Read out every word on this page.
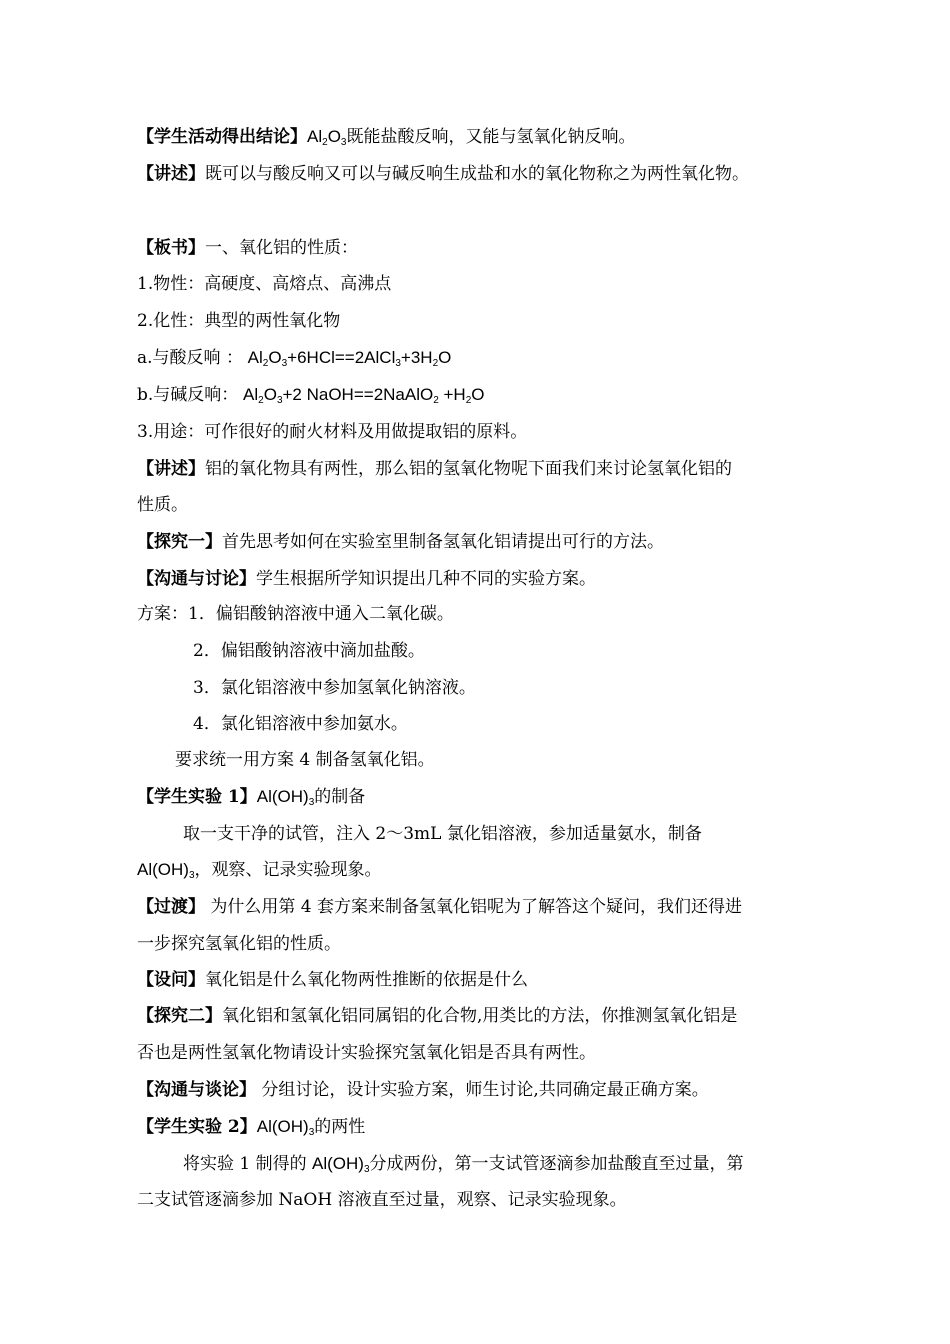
【学生活动得出结论】$Al_2O_3$既能盐酸反响，又能与氢氧化钠反响。
【讲述】既可以与酸反响又可以与碱反响生成盐和水的氧化物称之为两性氧化物。
【板书】一、氧化铝的性质：
1.物性：高硬度、高熔点、高沸点
2.化性：典型的两性氧化物
a.与酸反响 ： $Al_2O_3+6HCl==2AlCl_3+3H_2O$
b.与碱反响： $Al_2O_3+2$ NaOH==2NaAlO$_2$ $+H_2O$
3.用途：可作很好的耐火材料及用做提取铝的原料。
【讲述】铝的氧化物具有两性，那么铝的氢氧化物呢下面我们来讨论氢氧化铝的
性质。
【探究一】首先思考如何在实验室里制备氢氧化铝请提出可行的方法。
【沟通与讨论】学生根据所学知识提出几种不同的实验方案。
方案：1．偏铝酸钠溶液中通入二氧化碳。
2．偏铝酸钠溶液中滴加盐酸。
3．氯化铝溶液中参加氢氧化钠溶液。
4．氯化铝溶液中参加氨水。
要求统一用方案 4 制备氢氧化铝。
【学生实验 1】$Al(OH)_3$的制备
取一支干净的试管，注入 2～3mL 氯化铝溶液，参加适量氨水，制备
$Al(OH)_3$，观察、记录实验现象。
【过渡】 为什么用第 4 套方案来制备氢氧化铝呢为了解答这个疑问，我们还得进
一步探究氢氧化铝的性质。
【设问】氧化铝是什么氧化物两性推断的依据是什么
【探究二】氧化铝和氢氧化铝同属铝的化合物,用类比的方法，你推测氢氧化铝是
否也是两性氢氧化物请设计实验探究氢氧化铝是否具有两性。
【沟通与谈论】 分组讨论，设计实验方案，师生讨论,共同确定最正确方案。
【学生实验 2】$Al(OH)_3$的两性
将实验 1 制得的 $Al(OH)_3$分成两份，第一支试管逐滴参加盐酸直至过量，第
二支试管逐滴参加 NaOH 溶液直至过量，观察、记录实验现象。
